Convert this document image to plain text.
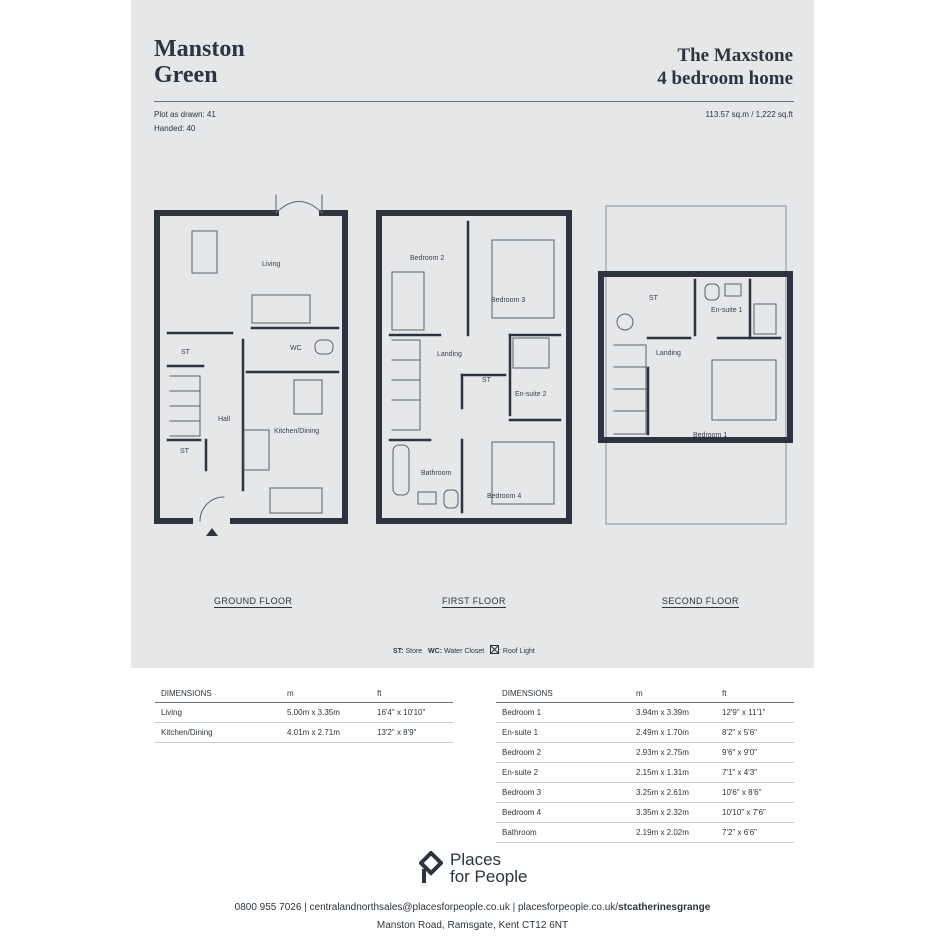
Manston
Green
The Maxstone
4 bedroom home
Plot as drawn: 41
Handed: 40
113.57 sq.m / 1,222 sq.ft
Living
ST
WC
Hall
ST
Kitchen/Dining
Bedroom 2
Bedroom 3
Landing
ST
En-suite 2
Bathroom
Bedroom 4
ST
En-suite 1
Landing
Bedroom 1
GROUND FLOOR	FIRST FLOOR	SECOND FLOOR
ST: Store WC: Water Closet : Roof Light
DIMENSIONS	m	ft
Living	5.00m x 3.35m	16'4" x 10'10"
Kitchen/Dining	4.01m x 2.71m	13'2" x 8'9"
DIMENSIONS	m	ft
Bedroom 1	3.94m x 3.39m	12'9" x 11'1"
En-suite 1	2.49m x 1.70m	8'2" x 5'6"
Bedroom 2	2.93m x 2.75m	9'6" x 9'0"
En-suite 2	2.15m x 1.31m	7'1" x 4'3"
Bedroom 3	3.25m x 2.61m	10'6" x 8'6"
Bedroom 4	3.35m x 2.32m	10'10" x 7'6"
Bathroom	2.19m x 2.02m	7'2" x 6'6"
Places
for People
0800 955 7026 | centralandnorthsales@placesforpeople.co.uk | placesforpeople.co.uk/stcatherinesgrange
Manston Road, Ramsgate, Kent CT12 6NT
